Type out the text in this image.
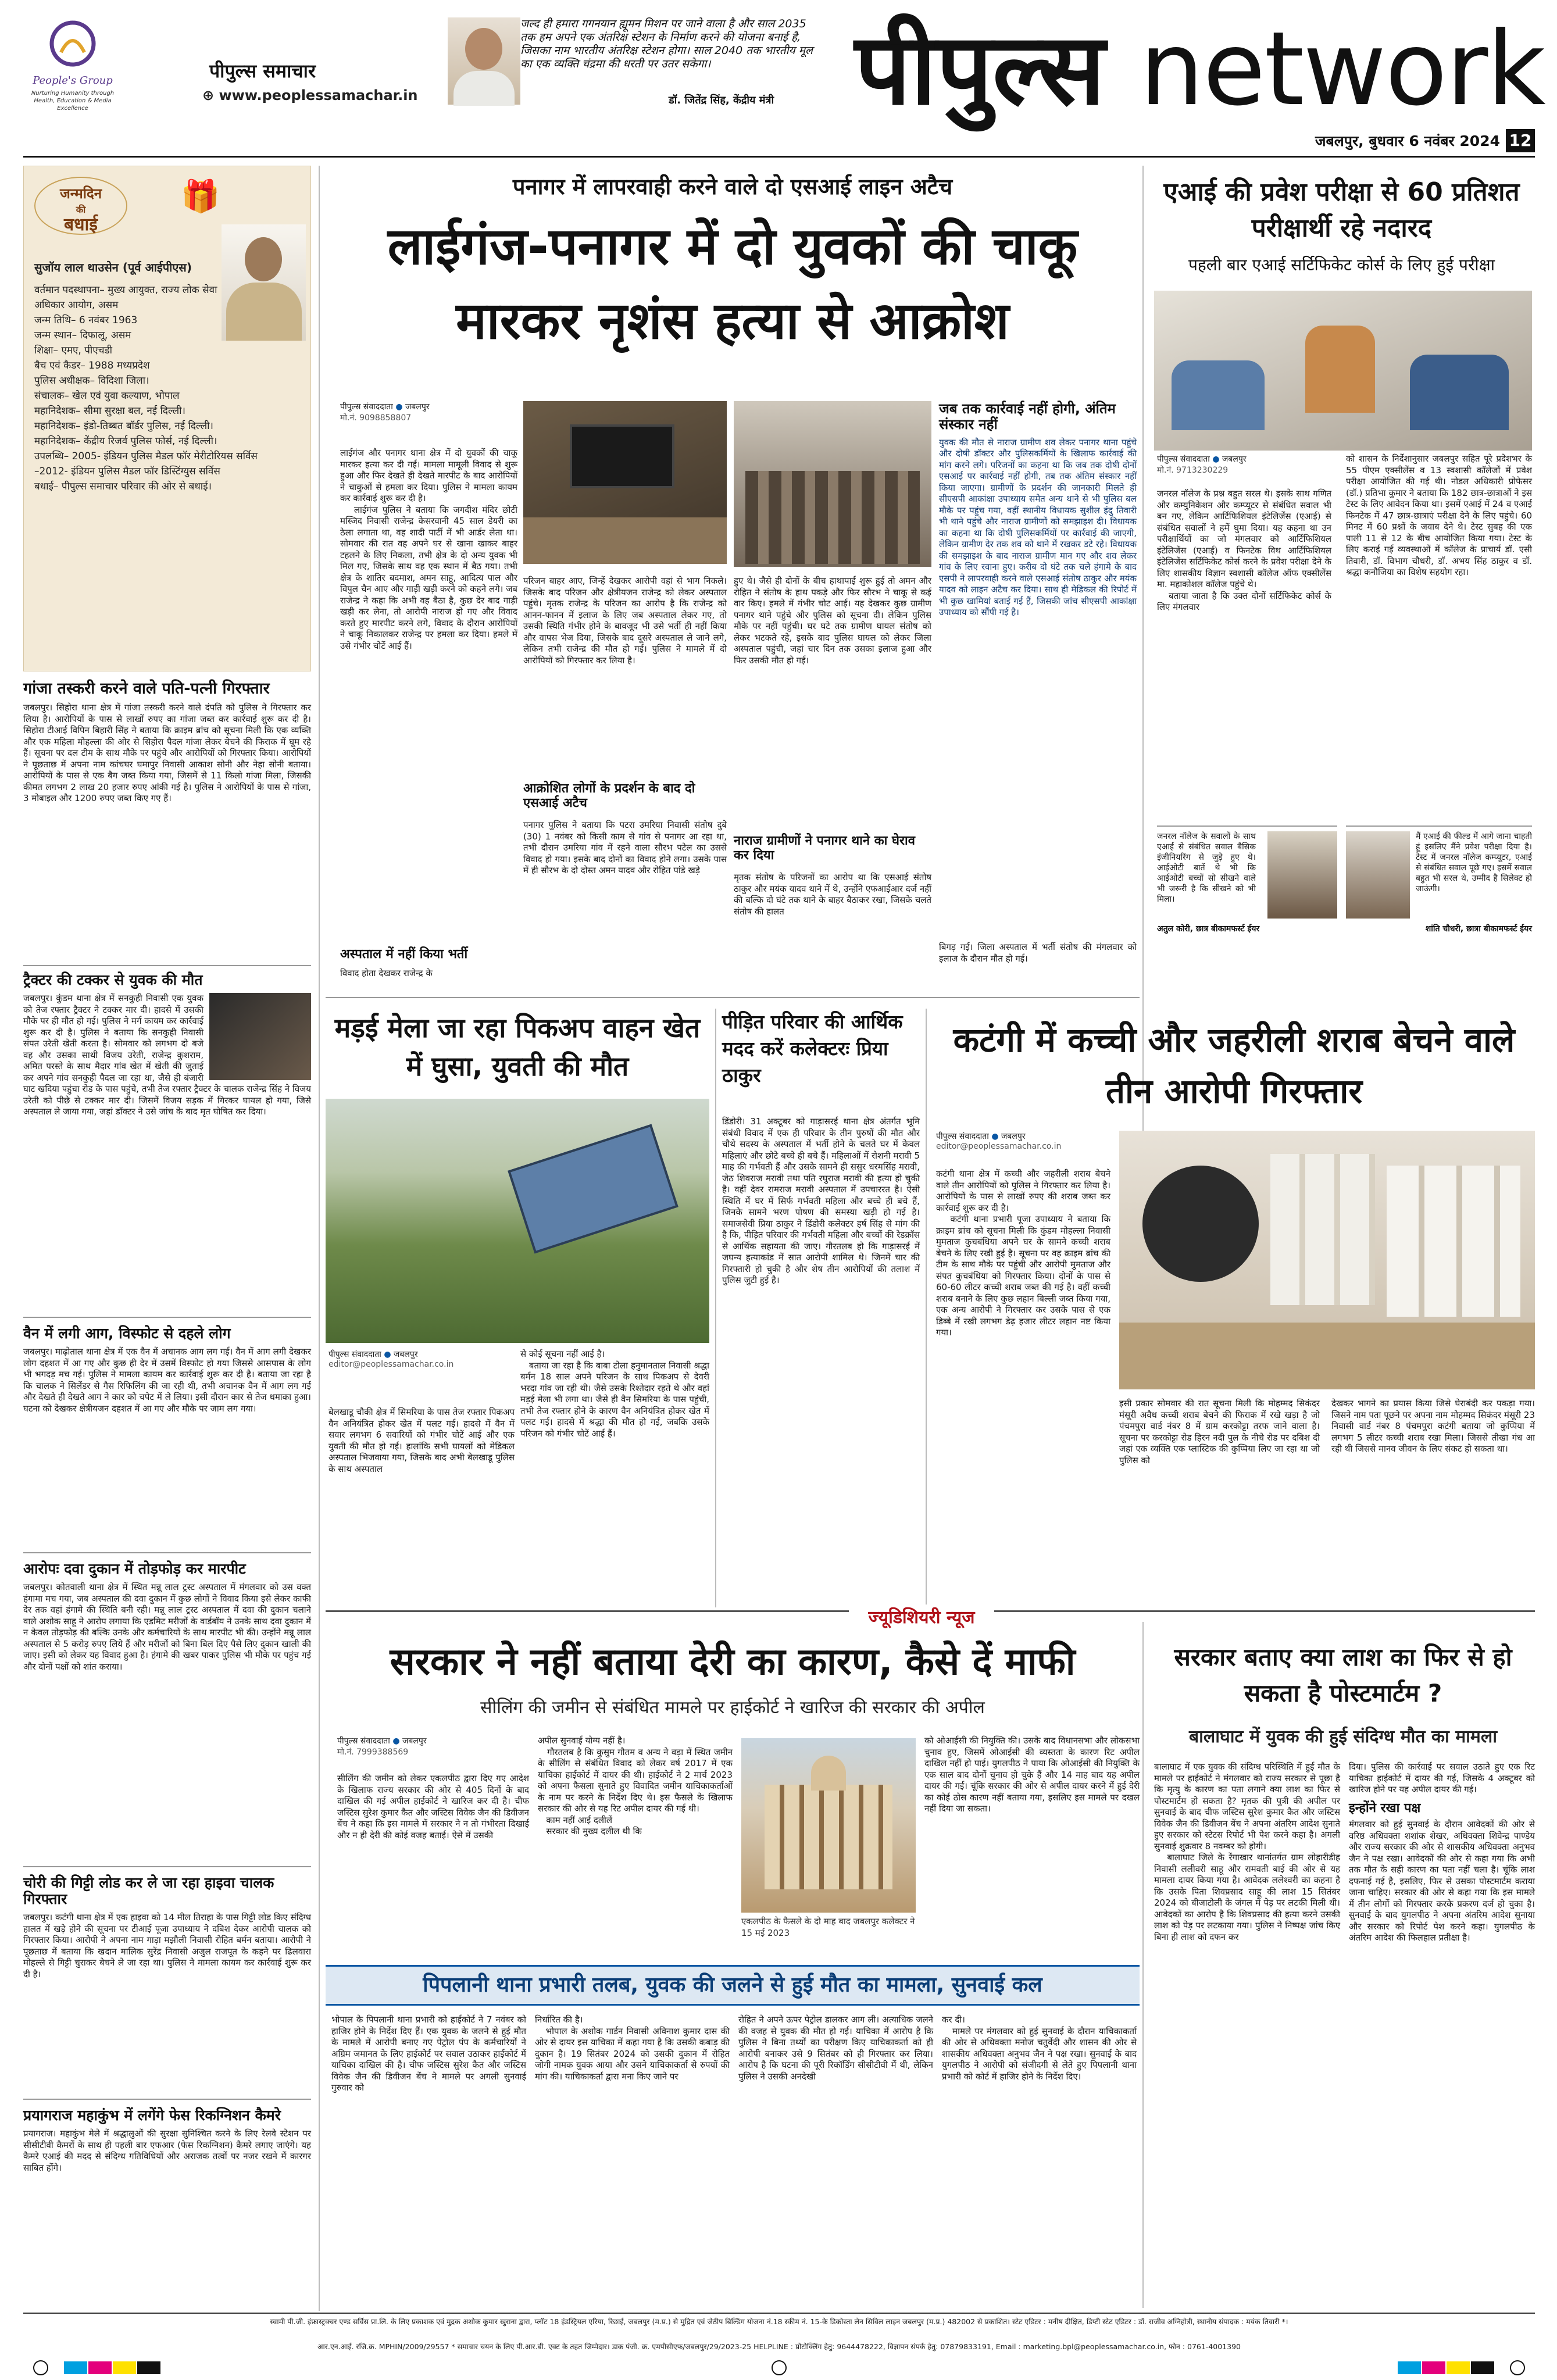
People's Group
Nurturing Humanity through Health, Education & Media Excellence
पीपुल्स समाचार
⊕ www.peoplessamachar.in
जल्द ही हमारा गगनयान ह्यूमन मिशन पर जाने वाला है और साल 2035 तक हम अपने एक अंतरिक्ष स्टेशन के निर्माण करने की योजना बनाई है, जिसका नाम भारतीय अंतरिक्ष स्टेशन होगा। साल 2040 तक भारतीय मूल का एक व्यक्ति चंद्रमा की धरती पर उतर सकेगा।
डॉ. जितेंद्र सिंह, केंद्रीय मंत्री पीपुल्स network
जबलपुर, बुधवार 6 नवंबर 2024 12
जन्मदिन
की
बधाई
🎁
सुजॉय लाल थाउसेन (पूर्व आईपीएस)
वर्तमान पदस्थापना– मुख्य आयुक्त, राज्य लोक सेवा अधिकार आयोग, असम
जन्म तिथि– 6 नवंबर 1963
जन्म स्थान– दिफालू, असम
शिक्षा– एमए, पीएचडी
बैच एवं कैडर– 1988 मध्यप्रदेश
पुलिस अधीक्षक– विदिशा जिला।
संचालक– खेल एवं युवा कल्याण, भोपाल
महानिदेशक– सीमा सुरक्षा बल, नई दिल्ली।
महानिदेशक– इंडो-तिब्बत बॉर्डर पुलिस, नई दिल्ली।
महानिदेशक– केंद्रीय रिजर्व पुलिस फोर्स, नई दिल्ली।
उपलब्धि– 2005- इंडियन पुलिस मैडल फॉर मेरीटोरियस सर्विस
–2012- इंडियन पुलिस मैडल फॉर डिस्टिंग्युस सर्विस
बधाई– पीपुल्स समाचार परिवार की ओर से बधाई।
गांजा तस्करी करने वाले पति-पत्नी गिरफ्तार
जबलपुर। सिहोरा थाना क्षेत्र में गांजा तस्करी करने वाले दंपति को पुलिस ने गिरफ्तार कर लिया है। आरोपियों के पास से लाखों रुपए का गांजा जब्त कर कार्रवाई शुरू कर दी है। सिहोरा टीआई विपिन बिहारी सिंह ने बताया कि क्राइम ब्रांच को सूचना मिली कि एक व्यक्ति और एक महिला मोहल्ला की ओर से सिहोरा पैदल गांजा लेकर बेचने की फिराक में घूम रहे हैं। सूचना पर दल टीम के साथ मौके पर पहुंचे और आरोपियों को गिरफ्तार किया। आरोपियों ने पूछताछ में अपना नाम कांचघर घमापुर निवासी आकाश सोनी और नेहा सोनी बताया। आरोपियों के पास से एक बैग जब्त किया गया, जिसमें से 11 किलो गांजा मिला, जिसकी कीमत लगभग 2 लाख 20 हजार रुपए आंकी गई है। पुलिस ने आरोपियों के पास से गांजा, 3 मोबाइल और 1200 रुपए जब्त किए गए हैं।
ट्रैक्टर की टक्कर से युवक की मौत
जबलपुर। कुंडम थाना क्षेत्र में सनकुही निवासी एक युवक को तेज रफ्तार ट्रैक्टर ने टक्कर मार दी। हादसे में उसकी मौके पर ही मौत हो गई। पुलिस ने मर्ग कायम कर कार्रवाई शुरू कर दी है। पुलिस ने बताया कि सनकुही निवासी संपत उरेती खेती करता है। सोमवार को लगभग दो बजे वह और उसका साथी विजय उरेती, राजेन्द्र कुशराम, अमित परस्ते के साथ मैदार गांव खेत में खेती की जुताई कर अपने गांव सनकुही पैदल जा रहा था, जैसे ही बंजारी घाट खदिया पहुंचा रोड के पास पहुंचे, तभी तेज रफ्तार ट्रैक्टर के चालक राजेन्द्र सिंह ने विजय उरेती को पीछे से टक्कर मार दी। जिसमें विजय सड़क में गिरकर घायल हो गया, जिसे अस्पताल ले जाया गया, जहां डॉक्टर ने उसे जांच के बाद मृत घोषित कर दिया।
वैन में लगी आग, विस्फोट से दहले लोग
जबलपुर। माढ़ोताल थाना क्षेत्र में एक वैन में अचानक आग लग गई। वैन में आग लगी देखकर लोग दहशत में आ गए और कुछ ही देर में उसमें विस्फोट हो गया जिससे आसपास के लोग भी भगदड़ मच गई। पुलिस ने मामला कायम कर कार्रवाई शुरू कर दी है। बताया जा रहा है कि चालक ने सिलेंडर से गैस रिफिलिंग की जा रही थी, तभी अचानक वैन में आग लग गई और देखते ही देखते आग ने कार को चपेट में ले लिया। इसी दौरान कार से तेज धमाका हुआ। घटना को देखकर क्षेत्रीयजन दहशत में आ गए और मौके पर जाम लग गया।
आरोपः दवा दुकान में तोड़फोड़ कर मारपीट
जबलपुर। कोतवाली थाना क्षेत्र में स्थित मन्नू लाल ट्रस्ट अस्पताल में मंगलवार को उस वक्त हंगामा मच गया, जब अस्पताल की दवा दुकान में कुछ लोगों ने विवाद किया इसे लेकर काफी देर तक वहां हंगामे की स्थिति बनी रही। मन्नू लाल ट्रस्ट अस्पताल में दवा की दुकान चलाने वाले अशोक साहू ने आरोप लगाया कि एडमिट मरीजों के वार्डबॉय ने उनके साथ दवा दुकान में न केवल तोड़फोड़ की बल्कि उनके और कर्मचारियों के साथ मारपीट भी की। उन्होंने मन्नू लाल अस्पताल से 5 करोड़ रुपए लिये हैं और मरीजों को बिना बिल दिए पैसे लिए दुकान खाली की जाए। इसी को लेकर यह विवाद हुआ है। हंगामे की खबर पाकर पुलिस भी मौके पर पहुंच गई और दोनों पक्षों को शांत कराया।
चोरी की गिट्टी लोड कर ले जा रहा हाइवा चालक गिरफ्तार
जबलपुर। कटंगी थाना क्षेत्र में एक हाइवा को 14 मील तिराहा के पास गिट्टी लोड किए संदिग्ध हालत में खड़े होने की सूचना पर टीआई पूजा उपाध्याय ने दबिश देकर आरोपी चालक को गिरफ्तार किया। आरोपी ने अपना नाम गाड़ा मझौली निवासी रोहित बर्मन बताया। आरोपी ने पूछताछ में बताया कि खदान मालिक सुरेंद्र निवासी अजुल राजपूत के कहने पर ढिलवारा मोहल्ले से गिट्टी चुराकर बेचने ले जा रहा था। पुलिस ने मामला कायम कर कार्रवाई शुरू कर दी है।
प्रयागराज महाकुंभ में लगेंगे फेस रिकग्निशन कैमरे
प्रयागराज। महाकुंभ मेले में श्रद्धालुओं की सुरक्षा सुनिश्चित करने के लिए रेलवे स्टेशन पर सीसीटीवी कैमरों के साथ ही पहली बार एफआर (फेस रिकग्निशन) कैमरे लगाए जाएंगे। यह कैमरे एआई की मदद से संदिग्ध गतिविधियों और अराजक तत्वों पर नजर रखने में कारगर साबित होंगे।
पनागर में लापरवाही करने वाले दो एसआई लाइन अटैच
लाईगंज-पनागर में दो युवकों की चाकू मारकर नृशंस हत्या से आक्रोश
पीपुल्स संवाददाता ● जबलपुर
मो.नं. 9098858807
लाईगंज और पनागर थाना क्षेत्र में दो युवकों की चाकू मारकर हत्या कर दी गई। मामला मामूली विवाद से शुरू हुआ और फिर देखते ही देखते मारपीट के बाद आरोपियों ने चाकुओं से हमला कर दिया। पुलिस ने मामला कायम कर कार्रवाई शुरू कर दी है।
लाईगंज पुलिस ने बताया कि जगदीश मंदिर छोटी मस्जिद निवासी राजेन्द्र केसरवानी 45 साल डेयरी का ठेला लगाता था, वह शादी पार्टी में भी आर्डर लेता था। सोमवार की रात वह अपने घर से खाना खाकर बाहर टहलने के लिए निकला, तभी क्षेत्र के दो अन्य युवक भी मिल गए, जिसके साथ वह एक स्थान में बैठ गया। तभी क्षेत्र के शातिर बदमाश, अमन साहू, आदित्य पाल और विपुल चैन आए और गाड़ी खड़ी करने को कहने लगे। जब राजेन्द्र ने कहा कि अभी वह बैठा है, कुछ देर बाद गाड़ी खड़ी कर लेना, तो आरोपी नाराज हो गए और विवाद करते हुए मारपीट करने लगे, विवाद के दौरान आरोपियों ने चाकू निकालकर राजेन्द्र पर हमला कर दिया। हमले में उसे गंभीर चोटें आई हैं।
अस्पताल में नहीं किया भर्ती
विवाद होता देखकर राजेन्द्र के
परिजन बाहर आए, जिन्हें देखकर आरोपी वहां से भाग निकले। जिसके बाद परिजन और क्षेत्रीयजन राजेन्द्र को लेकर अस्पताल पहुंचे। मृतक राजेन्द्र के परिजन का आरोप है कि राजेन्द्र को आनन-फानन में इलाज के लिए जब अस्पताल लेकर गए, तो उसकी स्थिति गंभीर होने के बावजूद भी उसे भर्ती ही नहीं किया और वापस भेज दिया, जिसके बाद दूसरे अस्पताल ले जाने लगे, लेकिन तभी राजेन्द्र की मौत हो गई। पुलिस ने मामले में दो आरोपियों को गिरफ्तार कर लिया है।
आक्रोशित लोगों के प्रदर्शन के बाद दो एसआई अटैच
पनागर पुलिस ने बताया कि पटरा उमरिया निवासी संतोष दुबे (30) 1 नवंबर को किसी काम से गांव से पनागर आ रहा था, तभी दौरान उमरिया गांव में रहने वाला सौरभ पटेल का उससे विवाद हो गया। इसके बाद दोनों का विवाद होने लगा। उसके पास में ही सौरभ के दो दोस्त अमन यादव और रोहित पांडे खड़े
हुए थे। जैसे ही दोनों के बीच हाथापाई शुरू हुई तो अमन और रोहित ने संतोष के हाथ पकड़े और फिर सौरभ ने चाकू से कई वार किए। हमले में गंभीर चोट आई। यह देखकर कुछ ग्रामीण पनागर थाने पहुंचे और पुलिस को सूचना दी। लेकिन पुलिस मौके पर नहीं पहुंची। घर घटे तक ग्रामीण घायल संतोष को लेकर भटकते रहे, इसके बाद पुलिस घायल को लेकर जिला अस्पताल पहुंची, जहां चार दिन तक उसका इलाज हुआ और फिर उसकी मौत हो गई।
नाराज ग्रामीणों ने पनागर थाने का घेराव कर दिया
मृतक संतोष के परिजनों का आरोप था कि एसआई संतोष ठाकुर और मयंक यादव थाने में थे, उन्होंने एफआईआर दर्ज नहीं की बल्कि दो घंटे तक थाने के बाहर बैठाकर रखा, जिसके चलते संतोष की हालत
जब तक कार्रवाई नहीं होगी, अंतिम संस्कार नहीं
युवक की मौत से नाराज ग्रामीण शव लेकर पनागर थाना पहुंचे और दोषी डॉक्टर और पुलिसकर्मियों के खिलाफ कार्रवाई की मांग करने लगे। परिजनों का कहना था कि जब तक दोषी दोनों एसआई पर कार्रवाई नहीं होगी, तब तक अंतिम संस्कार नहीं किया जाएगा। ग्रामीणों के प्रदर्शन की जानकारी मिलते ही सीएसपी आकांक्षा उपाध्याय समेत अन्य थाने से भी पुलिस बल मौके पर पहुंच गया, वहीं स्थानीय विधायक सुशील इंदु तिवारी भी थाने पहुंचे और नाराज ग्रामीणों को समझाइश दी। विधायक का कहना था कि दोषी पुलिसकर्मियों पर कार्रवाई की जाएगी, लेकिन ग्रामीण देर तक शव को थाने में रखकर डटे रहे। विधायक की समझाइश के बाद नाराज ग्रामीण मान गए और शव लेकर गांव के लिए रवाना हुए। करीब दो घंटे तक चले हंगामे के बाद एसपी ने लापरवाही करने वाले एसआई संतोष ठाकुर और मयंक यादव को लाइन अटैच कर दिया। साथ ही मेडिकल की रिपोर्ट में भी कुछ खामियां बताई गई हैं, जिसकी जांच सीएसपी आकांक्षा उपाध्याय को सौंपी गई है।
बिगड़ गई। जिला अस्पताल में भर्ती संतोष की मंगलवार को इलाज के दौरान मौत हो गई।
एआई की प्रवेश परीक्षा से 60 प्रतिशत परीक्षार्थी रहे नदारद
पहली बार एआई सर्टिफिकेट कोर्स के लिए हुई परीक्षा
पीपुल्स संवाददाता ● जबलपुर
मो.नं. 9713230229
जनरल नॉलेज के प्रश्न बहुत सरल थे। इसके साथ गणित और कम्युनिकेशन और कम्प्यूटर से संबंधित सवाल भी बन गए, लेकिन आर्टिफिशियल इंटेलिजेंस (एआई) से संबंधित सवालों ने हमें घुमा दिया। यह कहना था उन परीक्षार्थियों का जो मंगलवार को आर्टिफिशियल इंटेलिजेंस (एआई) व फिनटेक विथ आर्टिफिशियल इंटेलिजेंस सर्टिफिकेट कोर्स करने के प्रवेश परीक्षा देने के लिए शासकीय विज्ञान स्वशासी कॉलेज ऑफ एक्सीलेंस मा. महाकोशल कॉलेज पहुंचे थे।
बताया जाता है कि उक्त दोनों सर्टिफिकेट कोर्स के लिए मंगलवार
को शासन के निर्देशानुसार जबलपुर सहित पूरे प्रदेशभर के 55 पीएम एक्सीलेंस व 13 स्वशासी कॉलेजों में प्रवेश परीक्षा आयोजित की गई थी। नोडल अधिकारी प्रोफेसर (डॉ.) प्रतिभा कुमार ने बताया कि 182 छात्र-छात्राओं ने इस टेस्ट के लिए आवेदन किया था। इसमें एआई में 24 व एआई फिनटेक में 47 छात्र-छात्राएं परीक्षा देने के लिए पहुंचे। 60 मिनट में 60 प्रश्नों के जवाब देने थे। टेस्ट सुबह की एक पाली 11 से 12 के बीच आयोजित किया गया। टेस्ट के लिए कराई गई व्यवस्थाओं में कॉलेज के प्राचार्य डॉ. एसी तिवारी, डॉ. विभाग चौधरी, डॉ. अभय सिंह ठाकुर व डॉ. श्रद्धा कनौजिया का विशेष सहयोग रहा।
जनरल नॉलेज के सवालों के साथ एआई से संबंधित सवाल बैसिक इंजीनियरिंग से जुड़े हुए थे। आईओटी बातें थे भी कि आईओटी बच्चों सो सीखने वाले भी जरूरी है कि सीखने को भी मिला।
अतुल कोरी, छात्र बीकामफर्स्ट ईयर
मैं एआई की फील्ड में आगे जाना चाहती हूं इसलिए मैंने प्रवेश परीक्षा दिया है। टेस्ट में जनरल नॉलेज कम्प्यूटर, एआई से संबंधित सवाल पूछे गए। इसमें सवाल बहुत भी सरल थे, उम्मीद है सिलेक्ट हो जाऊंगी।
शांति चौधरी, छात्रा बीकामफर्स्ट ईयर
मड़ई मेला जा रहा पिकअप वाहन खेत में घुसा, युवती की मौत
पीपुल्स संवाददाता ● जबलपुर
editor@peoplessamachar.co.in
बेलखाडू चौकी क्षेत्र में सिमरिया के पास तेज रफ्तार पिकअप वैन अनियंत्रित होकर खेत में पलट गई। हादसे में वैन में सवार लगभग 6 सवारियों को गंभीर चोटें आई और एक युवती की मौत हो गई। हालांकि सभी घायलों को मेडिकल अस्पताल भिजवाया गया, जिसके बाद अभी बेलखाडू पुलिस के साथ अस्पताल
से कोई सूचना नहीं आई है।
बताया जा रहा है कि बाबा टोला हनुमानताल निवासी श्रद्धा बर्मन 18 साल अपने परिजन के साथ पिकअप से देवरी भरदा गांव जा रही थी। जैसे उसके रिश्तेदार रहते थे और वहां मड़ई मेला भी लगा था। जैसे ही वैन सिमरिया के पास पहुंची, तभी तेज रफ्तार होने के कारण वैन अनियंत्रित होकर खेत में पलट गई। हादसे में श्रद्धा की मौत हो गई, जबकि उसके परिजन को गंभीर चोटें आई हैं।
पीड़ित परिवार की आर्थिक मदद करें कलेक्टरः प्रिया ठाकुर
डिंडोरी। 31 अक्टूबर को गाड़ासरई थाना क्षेत्र अंतर्गत भूमि संबंधी विवाद में एक ही परिवार के तीन पुरुषों की मौत और चौथे सदस्य के अस्पताल में भर्ती होने के चलते घर में केवल महिलाएं और छोटे बच्चे ही बचे हैं। महिलाओं में रोशनी मरावी 5 माह की गर्भवती हैं और उसके सामने ही ससुर धरमसिंह मरावी, जेठ शिवराज मरावी तथा पति रघुराज मरावी की हत्या हो चुकी है। वहीं देवर रामराज मरावी अस्पताल में उपचाररत है। ऐसी स्थिति में घर में सिर्फ गर्भवती महिला और बच्चे ही बचे हैं, जिनके सामने भरण पोषण की समस्या खड़ी हो गई है। समाजसेवी प्रिया ठाकुर ने डिंडोरी कलेक्टर हर्ष सिंह से मांग की है कि, पीड़ित परिवार की गर्भवती महिला और बच्चों की रेडक्रॉस से आर्थिक सहायता की जाए। गौरतलब हो कि गाड़ासरई में जघन्य हत्याकांड में सात आरोपी शामिल थे। जिनमें चार की गिरफ्तारी हो चुकी है और शेष तीन आरोपियों की तलाश में पुलिस जुटी हुई है।
कटंगी में कच्ची और जहरीली शराब बेचने वाले तीन आरोपी गिरफ्तार
पीपुल्स संवाददाता ● जबलपुर
editor@peoplessamachar.co.in
कटंगी थाना क्षेत्र में कच्ची और जहरीली शराब बेचने वाले तीन आरोपियों को पुलिस ने गिरफ्तार कर लिया है। आरोपियों के पास से लाखों रुपए की शराब जब्त कर कार्रवाई शुरू कर दी है।
कटंगी थाना प्रभारी पूजा उपाध्याय ने बताया कि क्राइम ब्रांच को सूचना मिली कि कुंडम मोहल्ला निवासी मुमताज कुचबंधिया अपने घर के सामने कच्ची शराब बेचने के लिए रखी हुई है। सूचना पर वह क्राइम ब्रांच की टीम के साथ मौके पर पहुंची और आरोपी मुमताज और संपत कुचबंधिया को गिरफ्तार किया। दोनों के पास से 60-60 लीटर कच्ची शराब जब्त की गई है। वहीं कच्ची शराब बनाने के लिए कुछ लहान बिल्ली जब्त किया गया, एक अन्य आरोपी ने गिरफ्तार कर उसके पास से एक डिब्बे में रखी लगभग डेढ़ हजार लीटर लहान नष्ट किया गया।
इसी प्रकार सोमवार की रात सूचना मिली कि मोहम्मद सिकंदर मंसूरी अवैध कच्ची शराब बेचने की फिराक में रखे खड़ा है जो पंचमपुरा वार्ड नंबर 8 में ग्राम करकोट्टा तरफ जाने वाला है। सूचना पर करकोट्टा रोड हिरन नदी पुल के नीचे रोड पर दबिश दी जहां एक व्यक्ति एक प्लास्टिक की कुप्पिया लिए जा रहा था जो पुलिस को
देखकर भागने का प्रयास किया जिसे घेराबंदी कर पकड़ा गया। जिसने नाम पता पूछने पर अपना नाम मोहम्मद सिकंदर मंसूरी 23 निवासी वार्ड नंबर 8 पंचमपुरा कटंगी बताया जो कुप्पिया में लगभग 5 लीटर कच्ची शराब रखा मिला। जिससे तीखा गंध आ रही थी जिससे मानव जीवन के लिए संकट हो सकता था।
ज्यूडिशियरी न्यूज
सरकार ने नहीं बताया देरी का कारण, कैसे दें माफी
सीलिंग की जमीन से संबंधित मामले पर हाईकोर्ट ने खारिज की सरकार की अपील
पीपुल्स संवाददाता ● जबलपुर
मो.नं. 7999388569
सीलिंग की जमीन को लेकर एकलपीठ द्वारा दिए गए आदेश के खिलाफ राज्य सरकार की ओर से 405 दिनों के बाद दाखिल की गई अपील हाईकोर्ट ने खारिज कर दी है। चीफ जस्टिस सुरेश कुमार कैत और जस्टिस विवेक जैन की डिवीजन बेंच ने कहा कि इस मामले में सरकार ने न तो गंभीरता दिखाई और न ही देरी की कोई वजह बताई। ऐसे में उसकी
अपील सुनवाई योग्य नहीं है।
गौरतलब है कि कुसुम गौतम व अन्य ने वड़ा में स्थित जमीन के सीलिंग से संबंधित विवाद को लेकर वर्ष 2017 में एक याचिका हाईकोर्ट में दायर की थी। हाईकोर्ट ने 2 मार्च 2023 को अपना फैसला सुनाते हुए विवादित जमीन याचिकाकर्ताओं के नाम पर करने के निर्देश दिए थे। इस फैसले के खिलाफ सरकार की ओर से यह रिट अपील दायर की गई थी।
काम नहीं आई दलीलें
सरकार की मुख्य दलील थी कि
एकलपीठ के फैसले के दो माह बाद जबलपुर कलेक्टर ने 15 मई 2023
को ओआईसी की नियुक्ति की। उसके बाद विधानसभा और लोकसभा चुनाव हुए, जिसमें ओआईसी की व्यस्तता के कारण रिट अपील दाखिल नहीं हो पाई। युगलपीठ ने पाया कि ओआईसी की नियुक्ति के एक साल बाद दोनों चुनाव हो चुके हैं और 14 माह बाद यह अपील दायर की गई। चूंकि सरकार की ओर से अपील दायर करने में हुई देरी का कोई ठोस कारण नहीं बताया गया, इसलिए इस मामले पर दखल नहीं दिया जा सकता।
पिपलानी थाना प्रभारी तलब, युवक की जलने से हुई मौत का मामला, सुनवाई कल
भोपाल के पिपलानी थाना प्रभारी को हाईकोर्ट ने 7 नवंबर को हाजिर होने के निर्देश दिए हैं। एक युवक के जलने से हुई मौत के मामले में आरोपी बनाए गए पेट्रोल पंप के कर्मचारियों ने अग्रिम जमानत के लिए हाईकोर्ट पर सवाल उठाकर हाईकोर्ट में याचिका दाखिल की है। चीफ जस्टिस सुरेश कैत और जस्टिस विवेक जैन की डिवीजन बेंच ने मामले पर अगली सुनवाई गुरुवार को
निर्धारित की है।
भोपाल के अशोक गार्डन निवासी अविनाश कुमार दास की ओर से दायर इस याचिका में कहा गया है कि उसकी कबाड़ की दुकान है। 19 सितंबर 2024 को उसकी दुकान में रोहित जोगी नामक युवक आया और उसने याचिकाकर्ता से रुपयों की मांग की। याचिकाकर्ता द्वारा मना किए जाने पर
रोहित ने अपने ऊपर पेट्रोल डालकर आग ली। अत्याधिक जलने की वजह से युवक की मौत हो गई। याचिका में आरोप है कि पुलिस ने बिना तथ्यों का परीक्षण किए याचिकाकर्ता को ही आरोपी बनाकर उसे 9 सितंबर को ही गिरफ्तार कर लिया। आरोप है कि घटना की पूरी रिकॉर्डिंग सीसीटीवी में थी, लेकिन पुलिस ने उसकी अनदेखी
कर दी।
मामले पर मंगलवार को हुई सुनवाई के दौरान याचिकाकर्ता की ओर से अधिवक्ता मनोज चतुर्वेदी और शासन की ओर से शासकीय अधिवक्ता अनुभव जैन ने पक्ष रखा। सुनवाई के बाद युगलपीठ ने आरोपी को संजीदगी से लेते हुए पिपलानी थाना प्रभारी को कोर्ट में हाजिर होने के निर्देश दिए।
सरकार बताए क्या लाश का फिर से हो सकता है पोस्टमार्टम ?
बालाघाट में युवक की हुई संदिग्ध मौत का मामला
बालाघाट में एक युवक की संदिग्ध परिस्थिति में हुई मौत के मामले पर हाईकोर्ट ने मंगलवार को राज्य सरकार से पूछा है कि मृत्यु के कारण का पता लगाने क्या लाश का फिर से पोस्टमार्टम हो सकता है? मृतक की पुत्री की अपील पर सुनवाई के बाद चीफ जस्टिस सुरेश कुमार कैत और जस्टिस विवेक जैन की डिवीजन बेंच ने अपना अंतरिम आदेश सुनाते हुए सरकार को स्टेटस रिपोर्ट भी पेश करने कहा है। अगली सुनवाई शुक्रवार 8 नवम्बर को होगी।
बालाघाट जिले के रेंगाखार थानांतर्गत ग्राम लोहारीडीह निवासी ललीवरी साहू और रामवती बाई की ओर से यह मामला दायर किया गया है। आवेदक ललेश्वरी का कहना है कि उसके पिता शिवप्रसाद साहू की लाश 15 सितंबर 2024 को बीजाटोली के जंगल में पेड़ पर लटकी मिली थी। आवेदकों का आरोप है कि शिवप्रसाद की हत्या करने उसकी लाश को पेड़ पर लटकाया गया। पुलिस ने निष्पक्ष जांच किए बिना ही लाश को दफन कर
दिया। पुलिस की कार्रवाई पर सवाल उठाते हुए एक रिट याचिका हाईकोर्ट में दायर की गई, जिसके 4 अक्टूबर को खारिज होने पर यह अपील दायर की गई।
इन्होंने रखा पक्ष
मंगलवार को हुई सुनवाई के दौरान आवेदकों की ओर से वरिष्ठ अधिवक्ता शशांक शेखर, अधिवक्ता शिवेन्द्र पाण्डेय और राज्य सरकार की ओर से शासकीय अधिवक्ता अनुभव जैन ने पक्ष रखा। आवेदकों की ओर से कहा गया कि अभी तक मौत के सही कारण का पता नहीं चला है। चूंकि लाश दफनाई गई है, इसलिए, फिर से उसका पोस्टमार्टम कराया जाना चाहिए। सरकार की ओर से कहा गया कि इस मामले में तीन लोगों को गिरफ्तार करके प्रकरण दर्ज हो चुका है। सुनवाई के बाद युगलपीठ ने अपना अंतरिम आदेश सुनाया और सरकार को रिपोर्ट पेश करने कहा। युगलपीठ के अंतरिम आदेश की फिलहाल प्रतीक्षा है।
स्वामी पी.जी. इंफ्रास्ट्रक्चर एण्ड सर्विस प्रा.लि. के लिए प्रकाशक एवं मुद्रक अशोक कुमार खुराना द्वारा, प्लॉट 18 इंडस्ट्रियल एरिया, रिछाई, जबलपुर (म.प्र.) से मुद्रित एवं जेठीप बिल्डिंग योजना नं.18 स्कीम नं. 15-के डिकोस्ता लेन सिविल लाइन जबलपुर (म.प्र.) 482002 से प्रकाशित। स्टेट एडिटर : मनीष दीक्षित, डिप्टी स्टेट एडिटर : डॉ. राजीव अग्निहोत्री, स्थानीय संपादक : मयंक तिवारी *।
आर.एन.आई. रजि.क्र. MPHIN/2009/29557 * समाचार चयन के लिए पी.आर.बी. एक्ट के तहत जिम्मेदार। डाक पंजी. क्र. एमपीसीएफ/जबलपुर/29/2023-25 HELPLINE : प्रोटोक्लिंग हेतु: 9644478222, विज्ञापन संपर्क हेतु: 07879833191, Email : marketing.bpl@peoplessamachar.co.in, फोन : 0761-4001390
